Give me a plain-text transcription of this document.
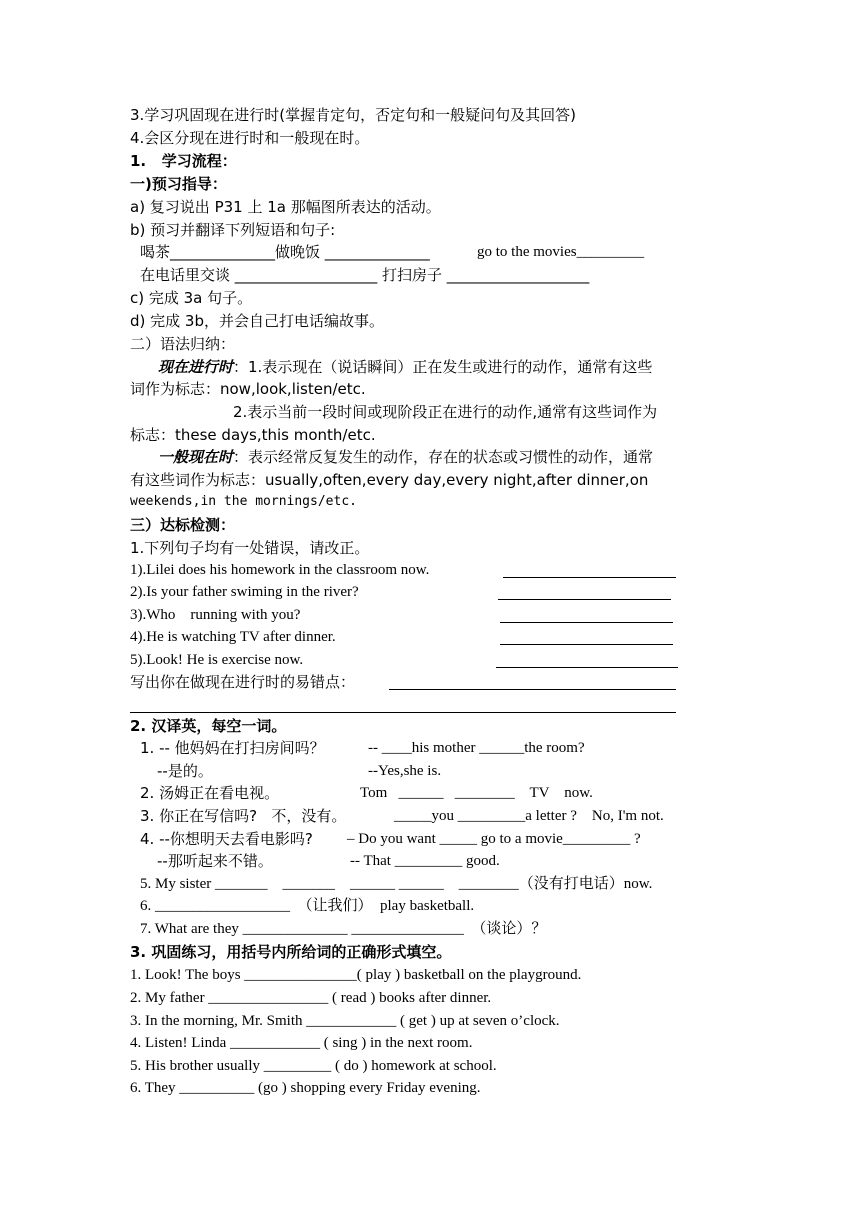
3.学习巩固现在进行时(掌握肯定句，否定句和一般疑问句及其回答)
4.会区分现在进行时和一般现在时。
1.   学习流程：
一)预习指导：
a) 复习说出 P31 上 1a 那幅图所表达的活动。
b) 预习并翻译下列短语和句子:
喝茶______________做晚饭 ______________	go to the movies_________
在电话里交谈 ___________________ 打扫房子 ___________________
c) 完成 3a 句子。
d) 完成 3b，并会自己打电话编故事。
二）语法归纳：
现在进行时：1.表示现在（说话瞬间）正在发生或进行的动作，通常有这些
词作为标志：now,look,listen/etc.
2.表示当前一段时间或现阶段正在进行的动作,通常有这些词作为
标志：these days,this month/etc.
一般现在时：表示经常反复发生的动作，存在的状态或习惯性的动作，通常
有这些词作为标志：usually,often,every day,every night,after dinner,on
weekends,in the mornings/etc.
三）达标检测：
1.下列句子均有一处错误，请改正。
1).Lilei does his homework in the classroom now.
2).Is your father swiming in the river?
3).Who    running with you?
4).He is watching TV after dinner.
5).Look! He is exercise now.
写出你在做现在进行时的易错点：
2. 汉译英，每空一词。
1. -- 他妈妈在打扫房间吗？	-- ____his mother ______the room?
--是的。	--Yes,she is.
2. 汤姆正在看电视。	Tom   ______   ________    TV    now.
3. 你正在写信吗?   不，没有。	_____you _________a letter ?    No, I'm not.
4. --你想明天去看电影吗? – Do you want _____ go to a movie_________ ?
--那听起来不错。	-- That _________ good.
5. My sister _______    _______    ______ ______    ________（没有打电话）now.
6. __________________  （让我们）  play basketball.
7. What are they ______________ _______________  （谈论）？
3. 巩固练习，用括号内所给词的正确形式填空。
1. Look! The boys _______________( play ) basketball on the playground.
2. My father ________________ ( read ) books after dinner.
3. In the morning, Mr. Smith ____________ ( get ) up at seven o’clock.
4. Listen! Linda ____________ ( sing ) in the next room.
5. His brother usually _________ ( do ) homework at school.
6. They __________ (go ) shopping every Friday evening.
